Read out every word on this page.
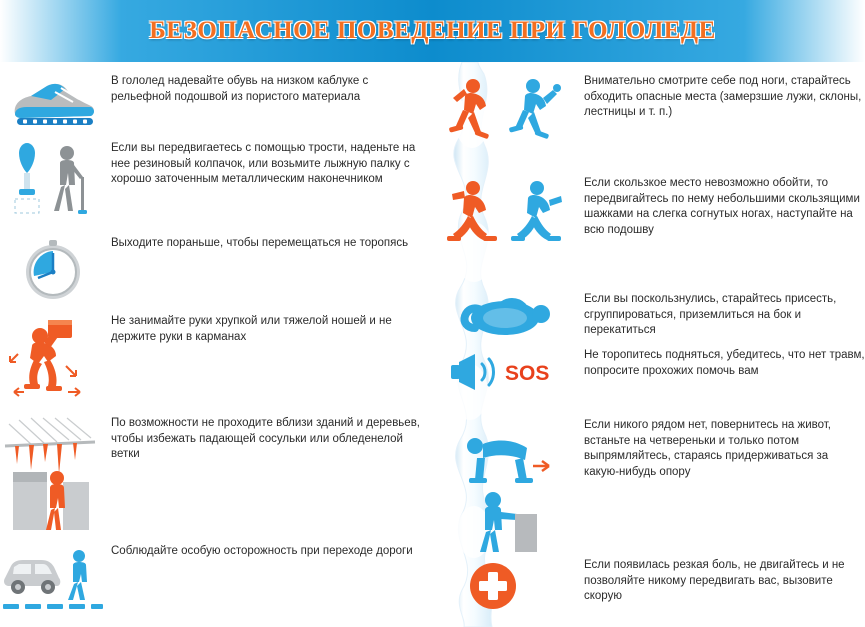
БЕЗОПАСНОЕ ПОВЕДЕНИЕ ПРИ ГОЛОЛЕДЕ
В гололед надевайте обувь на низком каблуке с рельефной подошвой из пористого материала
Если вы передвигаетесь с помощью трости, наденьте на нее резиновый колпачок, или возьмите лыжную палку с хорошо заточенным металлическим наконечником
Выходите пораньше, чтобы перемещаться не торопясь
Не занимайте руки хрупкой или тяжелой ношей и не держите руки в карманах
По возможности не проходите вблизи зданий и деревьев, чтобы избежать падающей сосульки или обледенелой ветки
Соблюдайте особую осторожность при переходе дороги
Внимательно смотрите себе под ноги, старайтесь обходить опасные места (замерзшие лужи, склоны, лестницы и т. п.)
Если скользкое место невозможно обойти, то передвигайтесь по нему небольшими скользящими шажками на слегка согнутых ногах, наступайте на всю подошву
Если вы поскользнулись, старайтесь присесть, сгруппироваться, приземлиться на бок и перекатиться
SOS
Не торопитесь подняться, убедитесь, что нет травм, попросите прохожих помочь вам
Если никого рядом нет, повернитесь на живот, встаньте на четвереньки и только потом выпрямляйтесь, стараясь придерживаться за какую-нибудь опору
Если появилась резкая боль, не двигайтесь и не позволяйте никому передвигать вас, вызовите скорую
